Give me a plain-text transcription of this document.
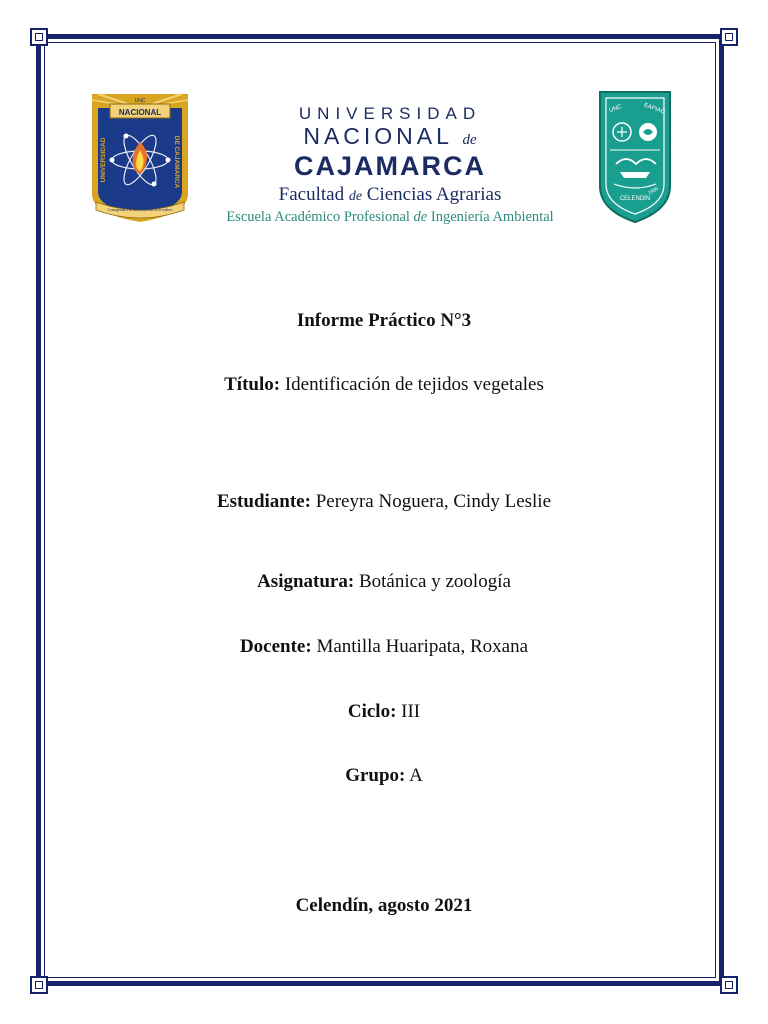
NACIONAL
UNC
UNIVERSIDAD	DE CAJAMARCA
Consagrada a la vida y defensa de la cultura
UNIVERSIDAD
NACIONAL de
CAJAMARCA
Facultad de Ciencias Agrarias
Escuela Académico Profesional de Ingeniería Ambiental
UNC	EAPIAC
CELENDÍN
1995
Informe Práctico N°3
Título: Identificación de tejidos vegetales
Estudiante: Pereyra Noguera, Cindy Leslie
Asignatura: Botánica y zoología
Docente: Mantilla Huaripata, Roxana
Ciclo: III
Grupo: A
Celendín, agosto 2021
